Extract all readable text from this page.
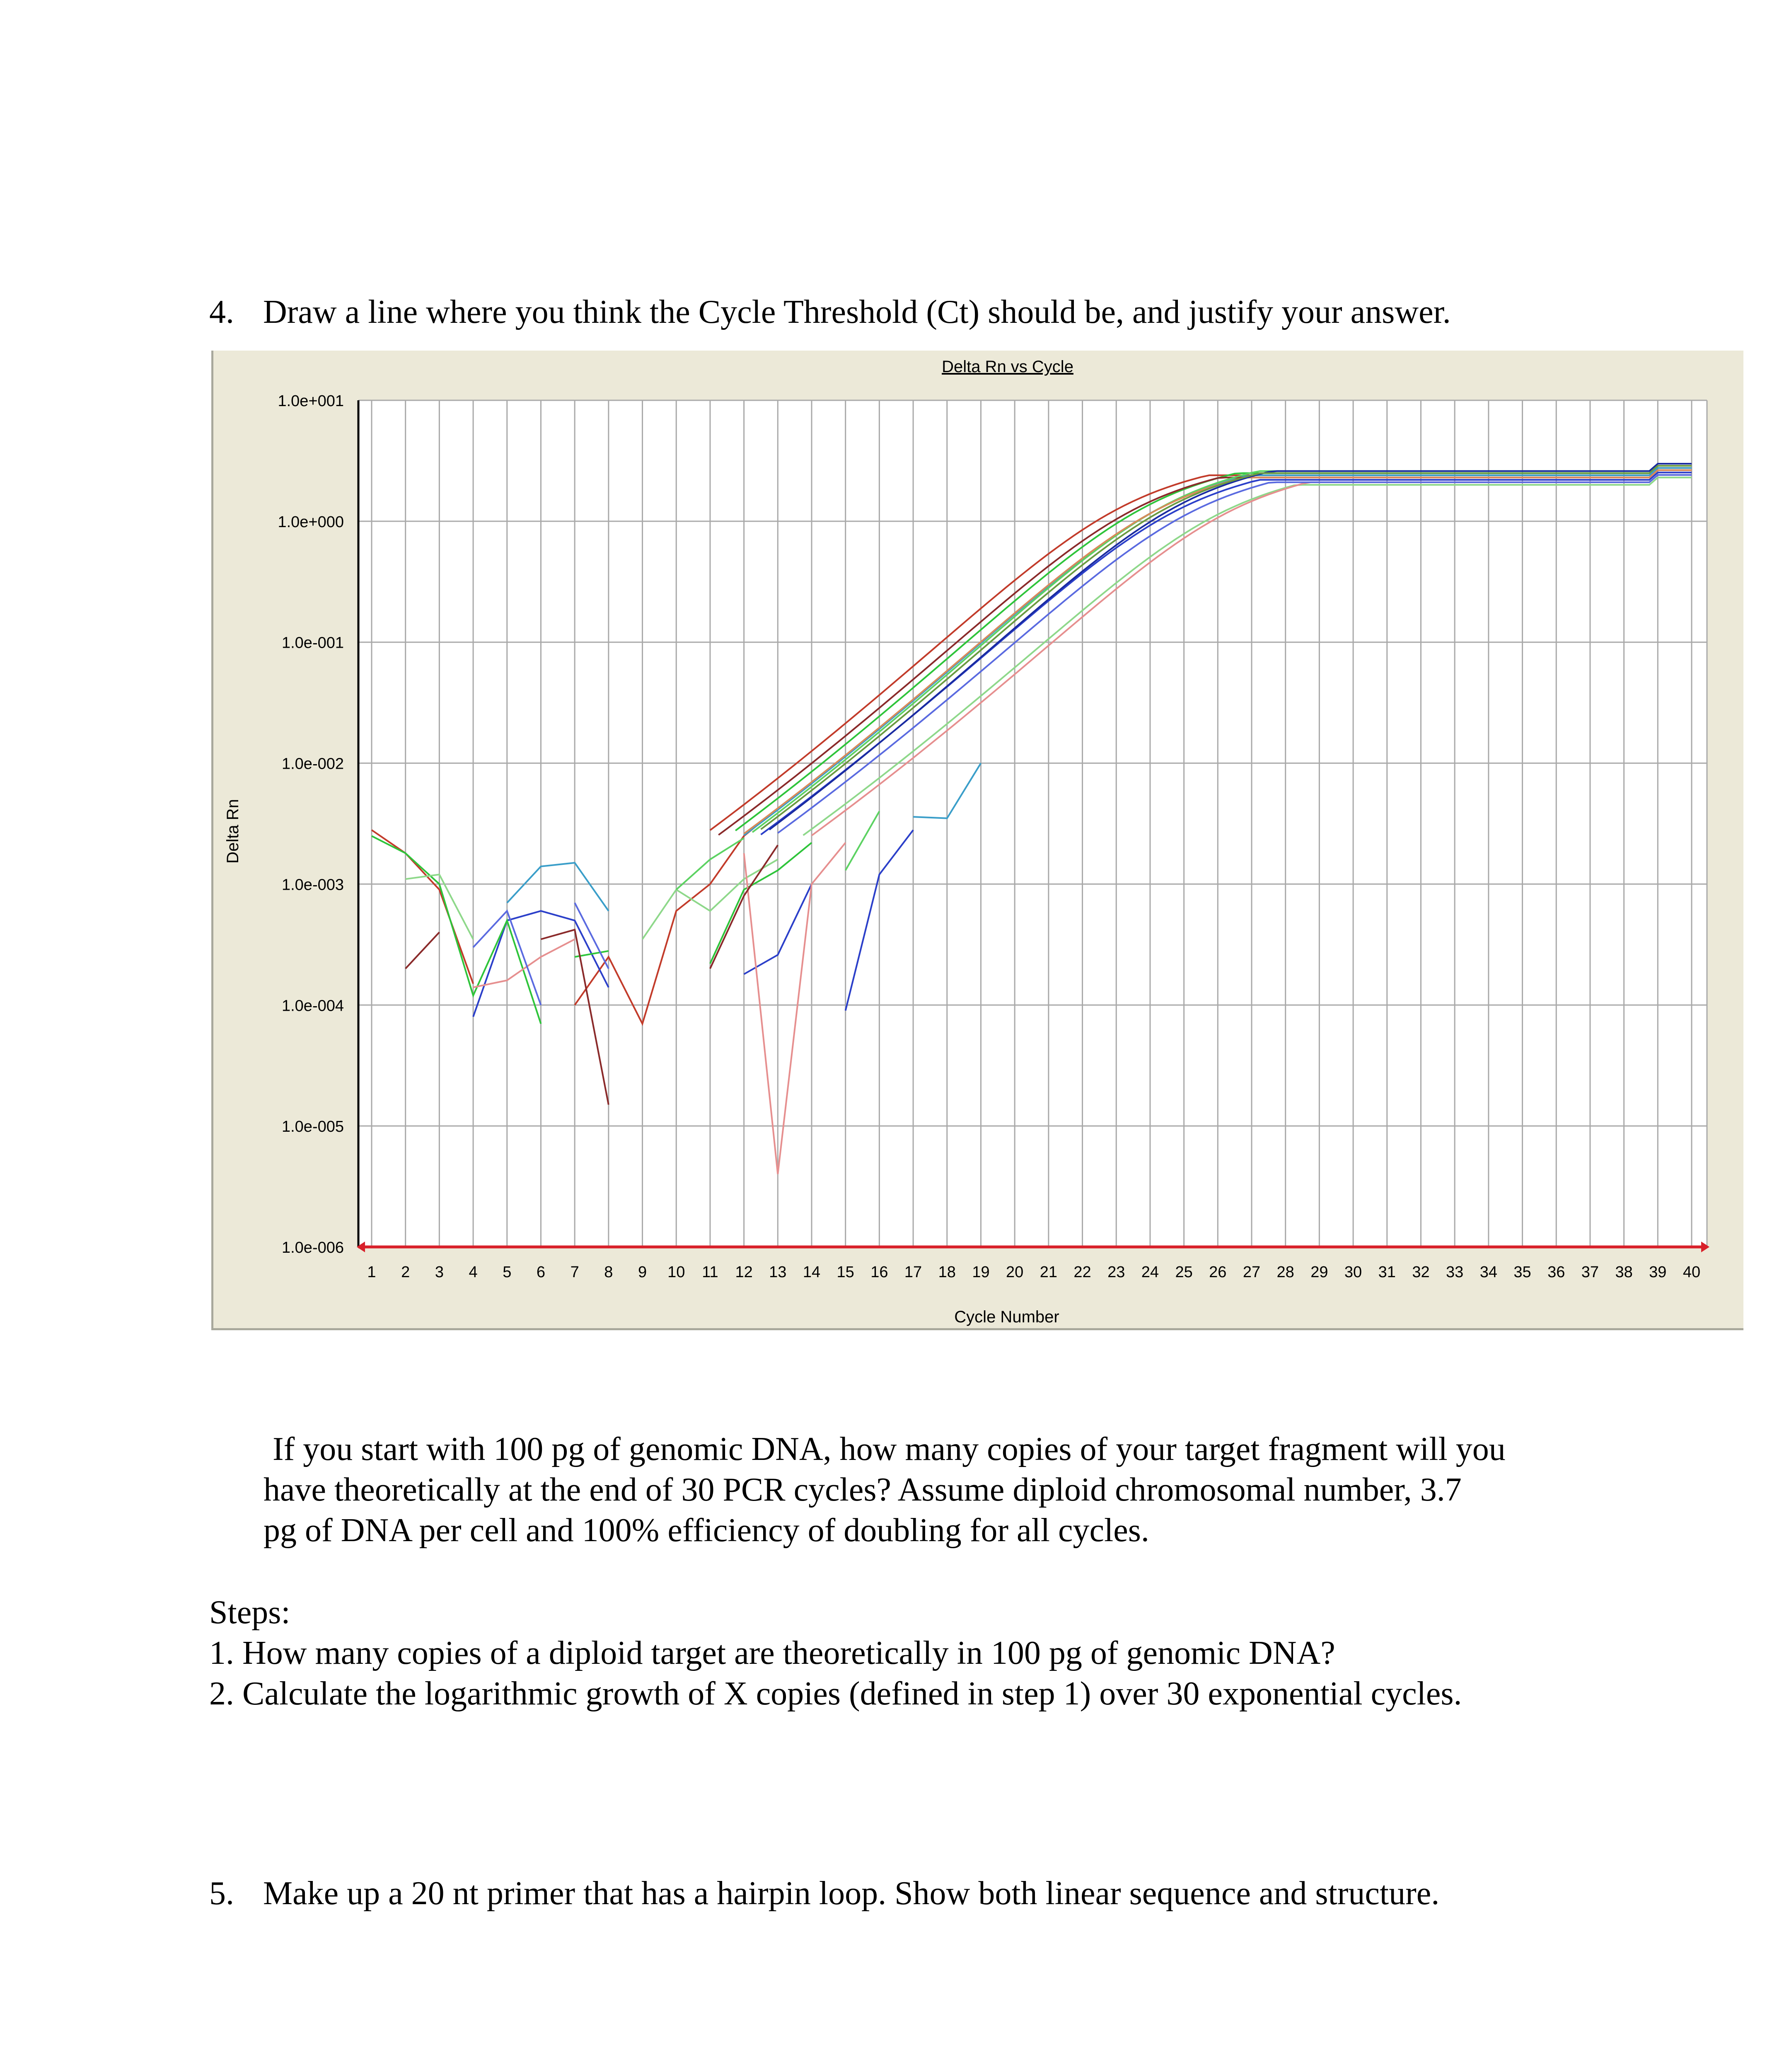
4. Draw a line where you think the Cycle Threshold (Ct) should be, and justify your answer.
1.0e+001
1.0e+000
1.0e-001
1.0e-002
1.0e-003
1.0e-004
1.0e-005
1.0e-006
1 2 3 4 5 6 7 8 9 10 11 12 13 14 15 16 17 18 19 20 21 22 23 24 25 26 27 28 29 30 31 32 33 34 35 36 37 38 39 40
Delta Rn vs Cycle
Cycle Number
Delta Rn
If you start with 100 pg of genomic DNA, how many copies of your target fragment will you
have theoretically at the end of 30 PCR cycles? Assume diploid chromosomal number, 3.7
pg of DNA per cell and 100% efficiency of doubling for all cycles.
Steps:
1. How many copies of a diploid target are theoretically in 100 pg of genomic DNA?
2. Calculate the logarithmic growth of X copies (defined in step 1) over 30 exponential cycles.
5. Make up a 20 nt primer that has a hairpin loop. Show both linear sequence and structure.
